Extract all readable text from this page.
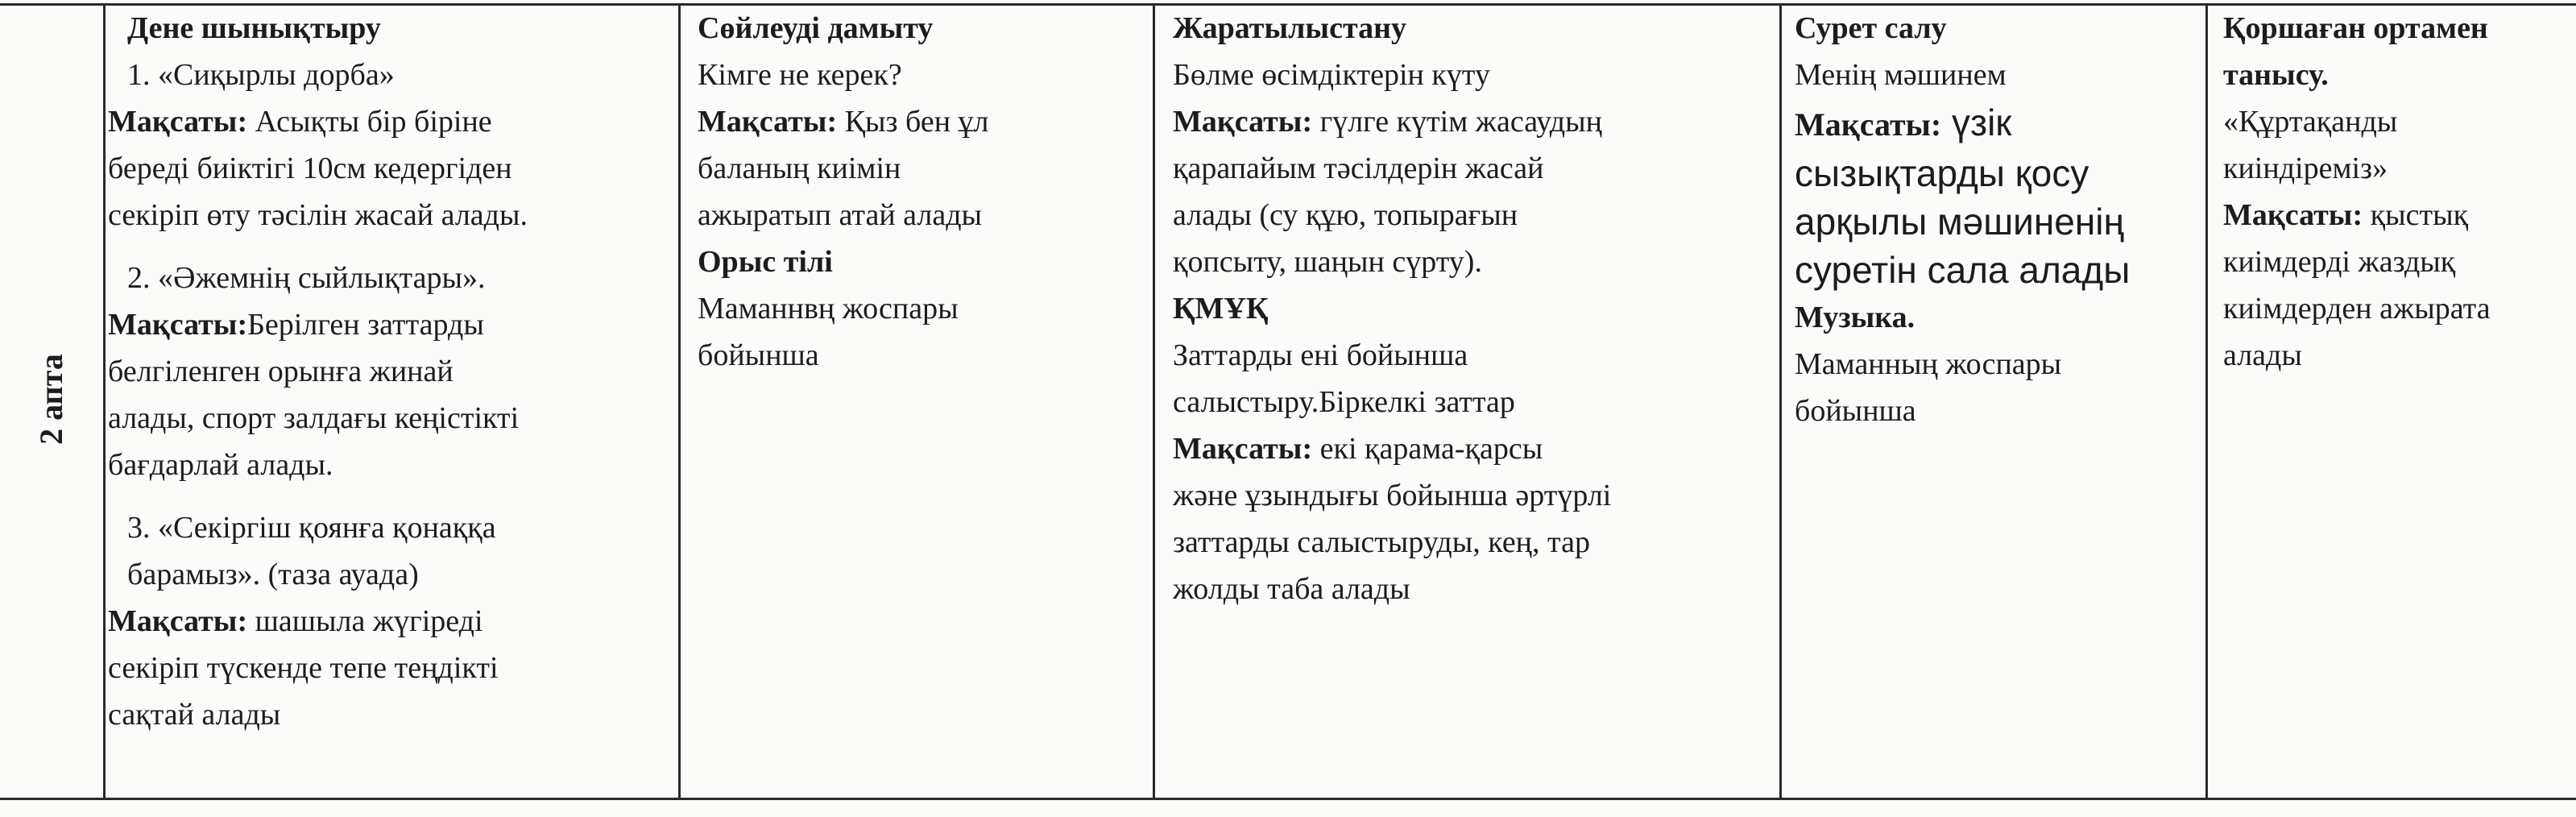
2 апта

Дене шынықтыру

1. «Сиқырлы дорба»

Мақсаты: Асықты бір біріне

береді биіктігі 10см кедергіден

секіріп өту тәсілін жасай алады.

2. «Әжемнің сыйлықтары».

Мақсаты:Берілген заттарды

белгіленген орынға жинай

алады, спорт залдағы кеңістікті

бағдарлай алады.

3. «Секіргіш қоянға қонаққа

барамыз». (таза ауада)

Мақсаты: шашыла жүгіреді

секіріп түскенде тепе теңдікті

сақтай алады

Сөйлеуді дамыту

Кімге не керек?

Мақсаты: Қыз бен ұл

баланың киімін

ажыратып атай алады

Орыс тілі

Маманнвң жоспары

бойынша

Жаратылыстану

Бөлме өсімдіктерін күту

Мақсаты: гүлге күтім жасаудың

қарапайым тәсілдерін жасай

алады (су құю, топырағын

қопсыту, шаңын сүрту).

ҚМҰҚ

Заттарды ені бойынша

салыстыру.Біркелкі заттар

Мақсаты: екі қарама-қарсы

және ұзындығы бойынша әртүрлі

заттарды салыстыруды, кең, тар

жолды таба алады

Сурет салу

Менің мәшинем

Мақсаты: үзік

сызықтарды қосу

арқылы мәшиненің

суретін сала алады

Музыка.

Маманның жоспары

бойынша

Қоршаған ортамен

танысу.

«Құртақанды

киіндіреміз»

Мақсаты: қыстық

киімдерді жаздық

киімдерден ажырата

алады
